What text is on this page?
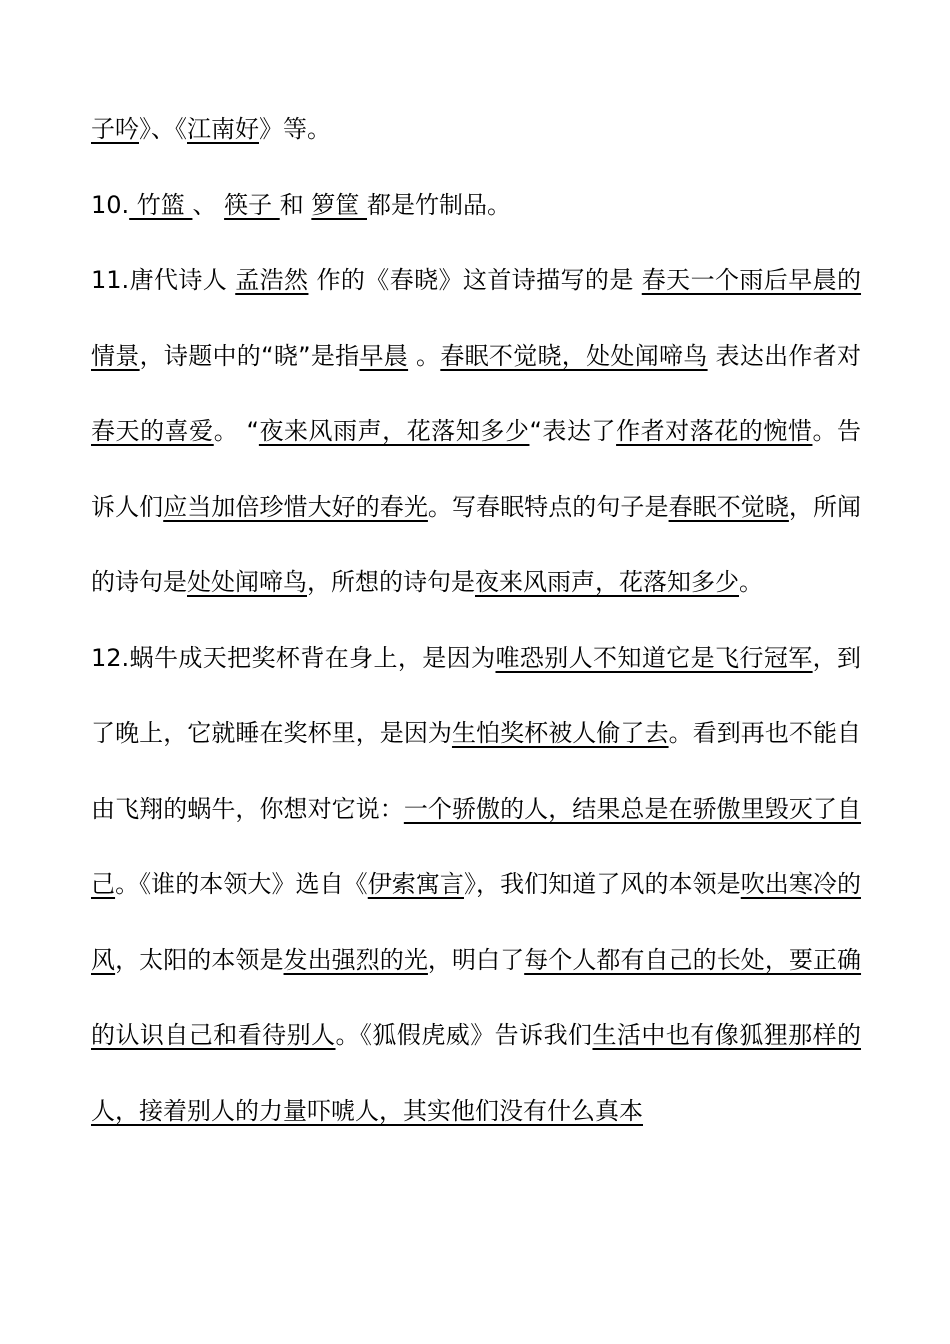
子吟》、《江南好》等。

10. 竹篮 、 筷子 和 箩筐 都是竹制品。

11.唐代诗人 孟浩然 作的《春晓》这首诗描写的是 春天一个雨后早晨的情景，诗题中的“晓”是指早晨 。春眠不觉晓，处处闻啼鸟 表达出作者对春天的喜爱。 “夜来风雨声，花落知多少“表达了作者对落花的惋惜。告诉人们应当加倍珍惜大好的春光。写春眠特点的句子是春眠不觉晓，所闻的诗句是处处闻啼鸟，所想的诗句是夜来风雨声，花落知多少。

12.蜗牛成天把奖杯背在身上，是因为唯恐别人不知道它是飞行冠军，到了晚上，它就睡在奖杯里，是因为生怕奖杯被人偷了去。看到再也不能自由飞翔的蜗牛，你想对它说：一个骄傲的人，结果总是在骄傲里毁灭了自己。《谁的本领大》选自《伊索寓言》，我们知道了风的本领是吹出寒冷的风，太阳的本领是发出强烈的光，明白了每个人都有自己的长处，要正确的认识自己和看待别人。《狐假虎威》告诉我们生活中也有像狐狸那样的人，接着别人的力量吓唬人，其实他们没有什么真本
